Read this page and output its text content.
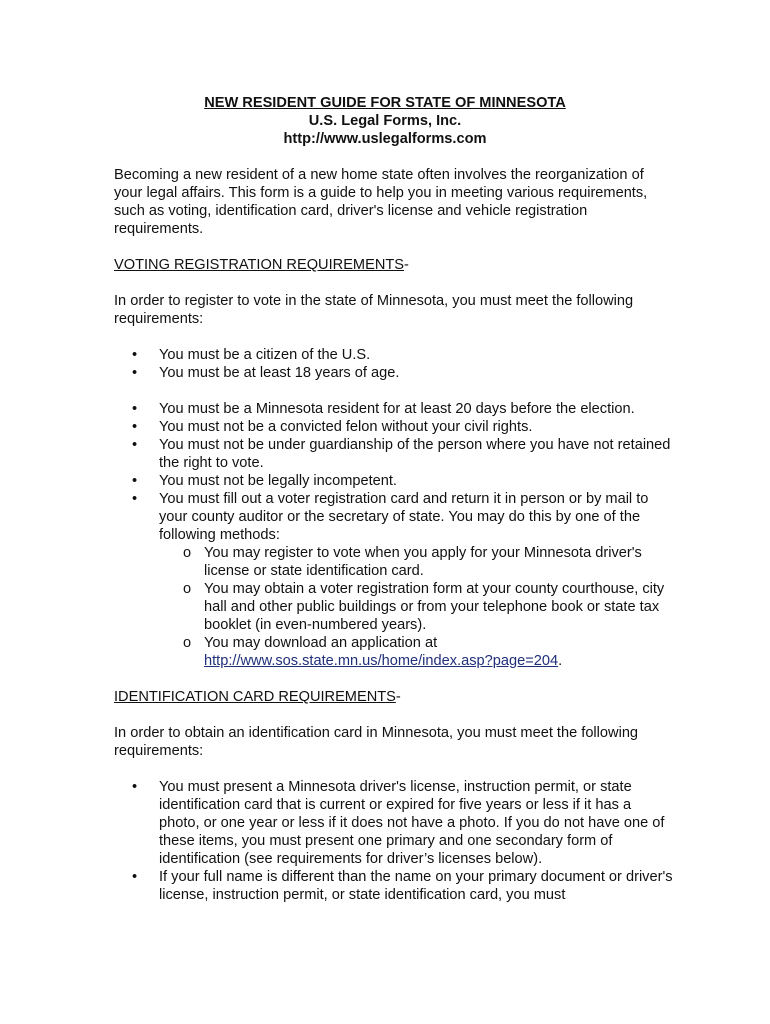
NEW RESIDENT GUIDE FOR STATE OF MINNESOTA
U.S. Legal Forms, Inc.
http://www.uslegalforms.com
Becoming a new resident of a new home state often involves the reorganization of your legal affairs. This form is a guide to help you in meeting various requirements, such as voting, identification card, driver's license and vehicle registration requirements.
VOTING REGISTRATION REQUIREMENTS-
In order to register to vote in the state of Minnesota, you must meet the following requirements:
• You must be a citizen of the U.S.
• You must be at least 18 years of age.
• You must be a Minnesota resident for at least 20 days before the election.
• You must not be a convicted felon without your civil rights.
• You must not be under guardianship of the person where you have not retained the right to vote.
• You must not be legally incompetent.
• You must fill out a voter registration card and return it in person or by mail to your county auditor or the secretary of state. You may do this by one of the following methods:
o You may register to vote when you apply for your Minnesota driver's license or state identification card.
o You may obtain a voter registration form at your county courthouse, city hall and other public buildings or from your telephone book or state tax booklet (in even-numbered years).
o You may download an application at
http://www.sos.state.mn.us/home/index.asp?page=204.
IDENTIFICATION CARD REQUIREMENTS-
In order to obtain an identification card in Minnesota, you must meet the following requirements:
• You must present a Minnesota driver's license, instruction permit, or state identification card that is current or expired for five years or less if it has a photo, or one year or less if it does not have a photo. If you do not have one of these items, you must present one primary and one secondary form of identification (see requirements for driver’s licenses below).
• If your full name is different than the name on your primary document or driver's license, instruction permit, or state identification card, you must
